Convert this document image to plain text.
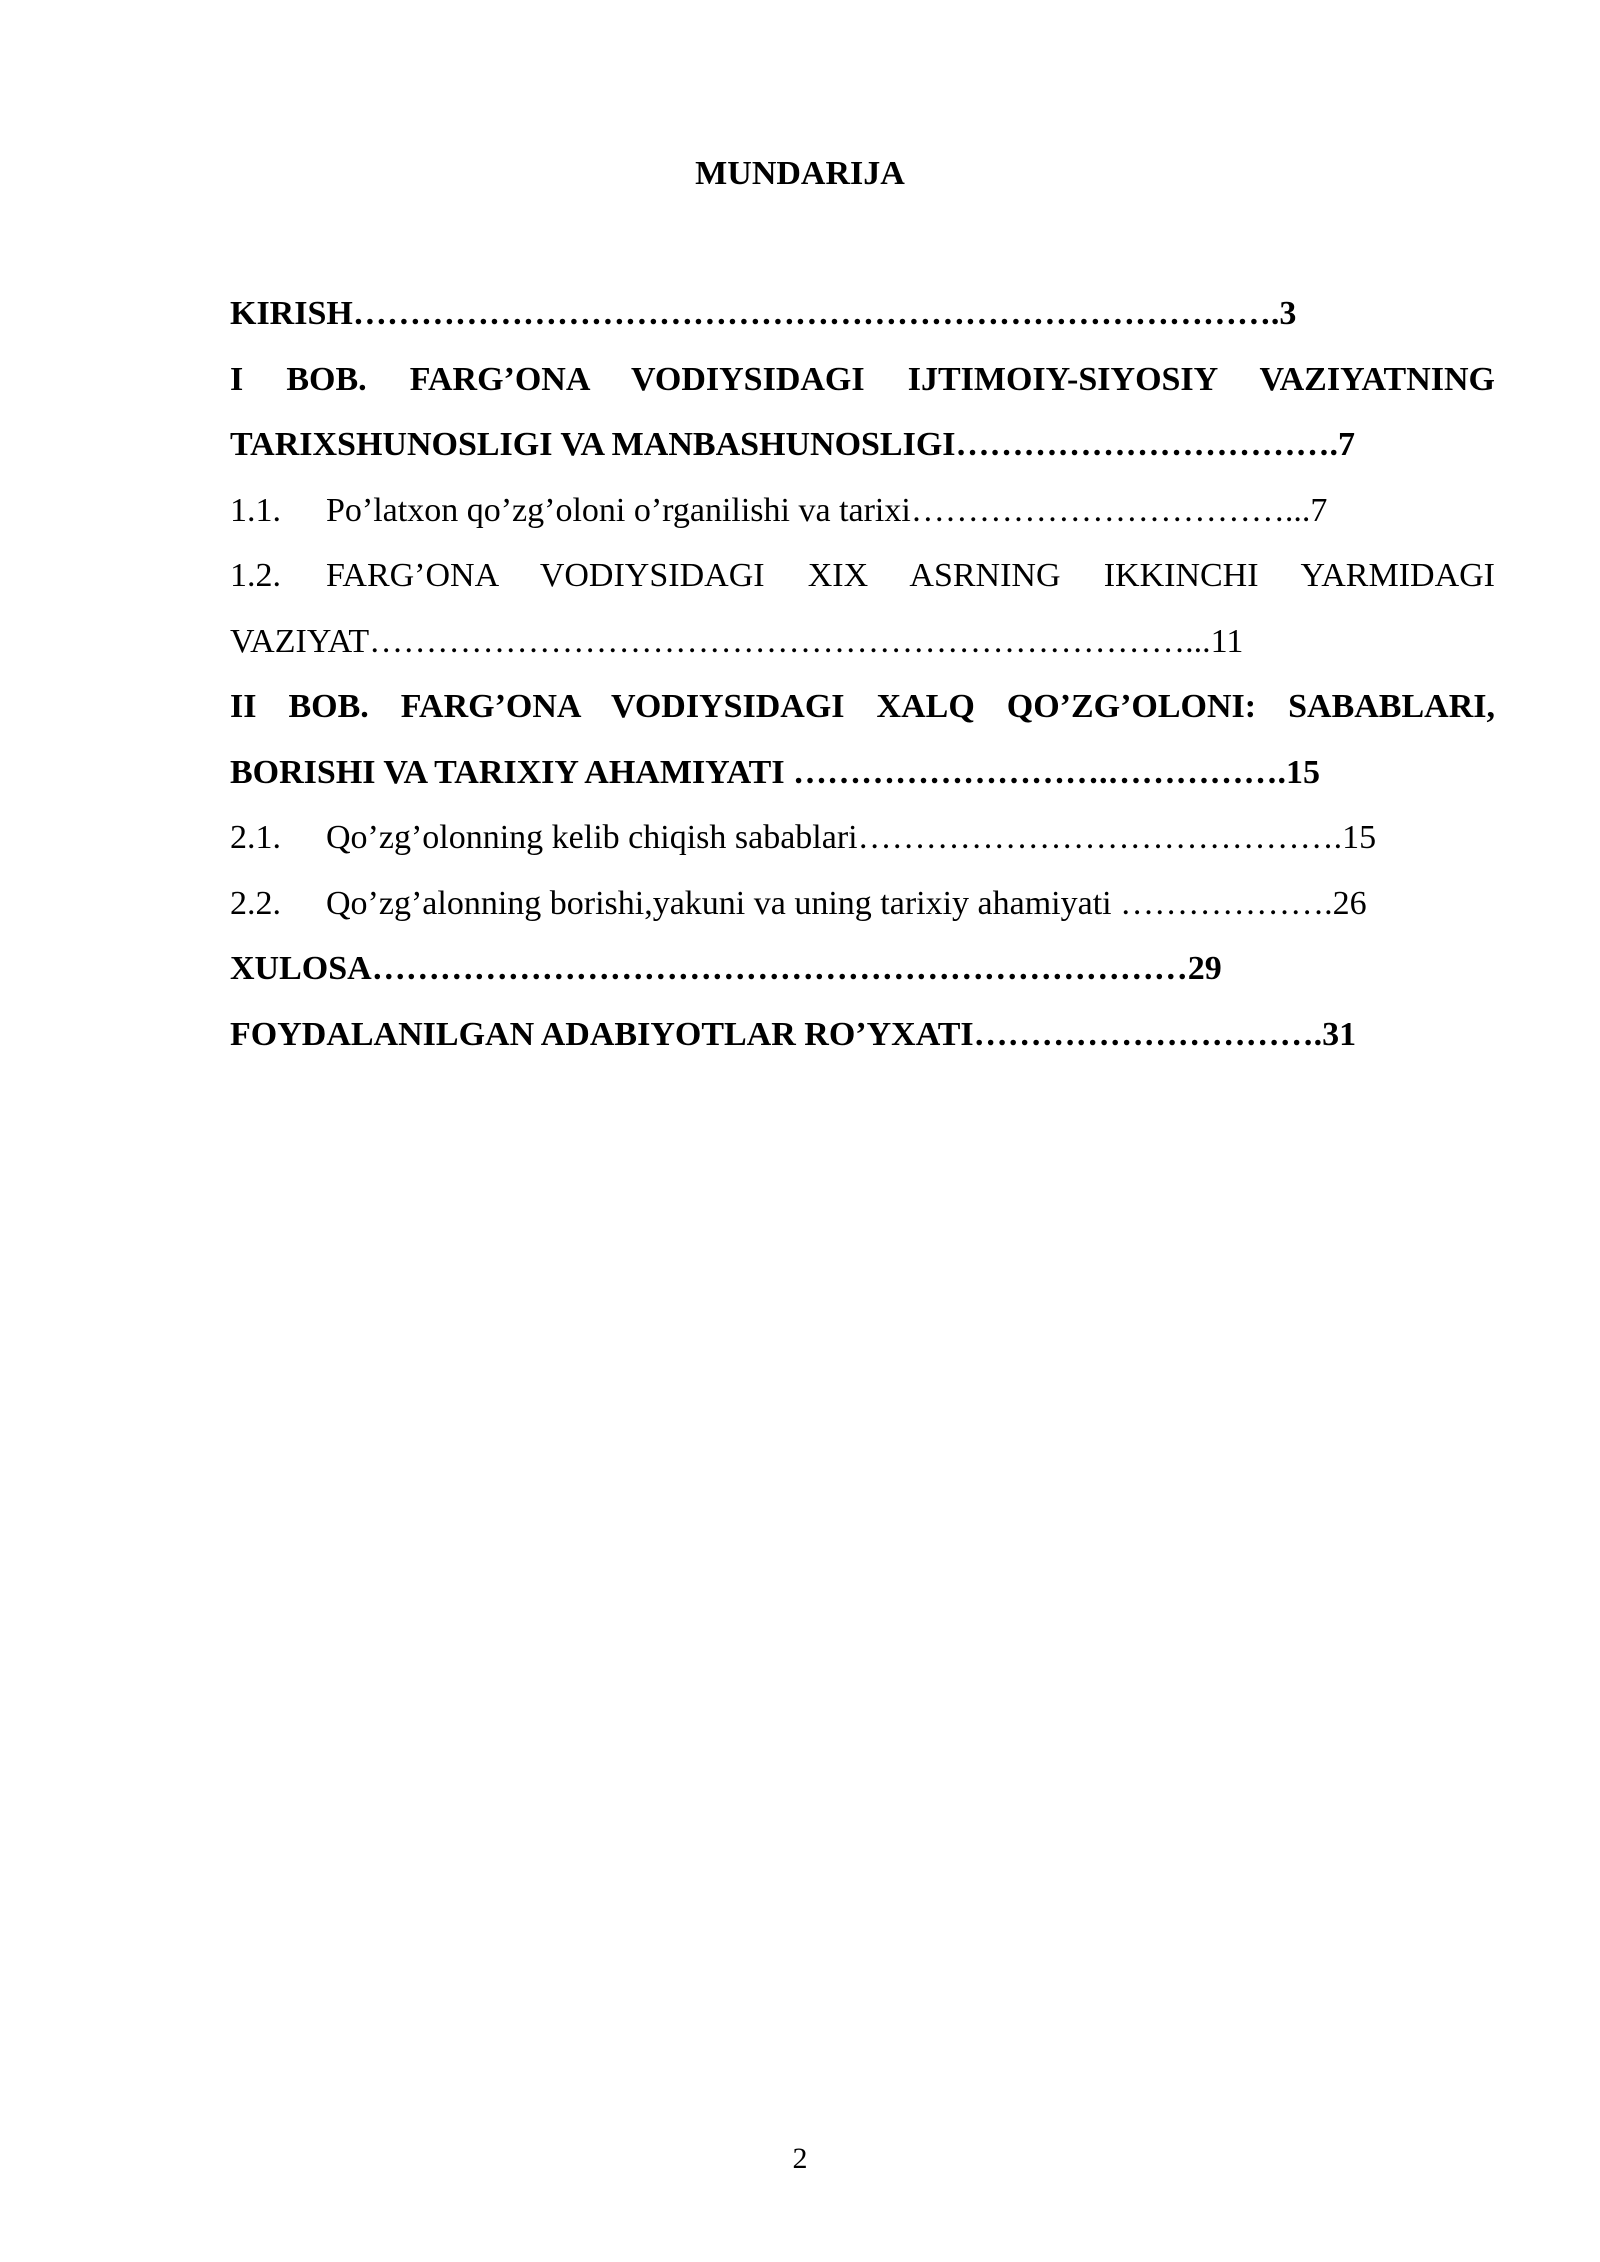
MUNDARIJA
KIRISH……………………………………………………………………….3
I BOB. FARG’ONA VODIYSIDAGI IJTIMOIY-SIYOSIY VAZIYATNING
TARIXSHUNOSLIGI VA MANBASHUNOSLIGI…………………………….7
1.1. Po’latxon qo’zg’oloni o’rganilishi va tarixi……………………………...7
1.2. FARG’ONA VODIYSIDAGI XIX ASRNING IKKINCHI YARMIDAGI
VAZIYAT………………………………………………………………...11
II BOB. FARG’ONA VODIYSIDAGI XALQ QO’ZG’OLONI: SABABLARI,
BORISHI VA TARIXIY AHAMIYATI ……………………….…………….15
2.1. Qo’zg’olonning kelib chiqish sabablari…………………………………….15
2.2. Qo’zg’alonning borishi,yakuni va uning tarixiy ahamiyati ……………….26
XULOSA………………………………………………………………29
FOYDALANILGAN ADABIYOTLAR RO’YXATI………………………….31
2
